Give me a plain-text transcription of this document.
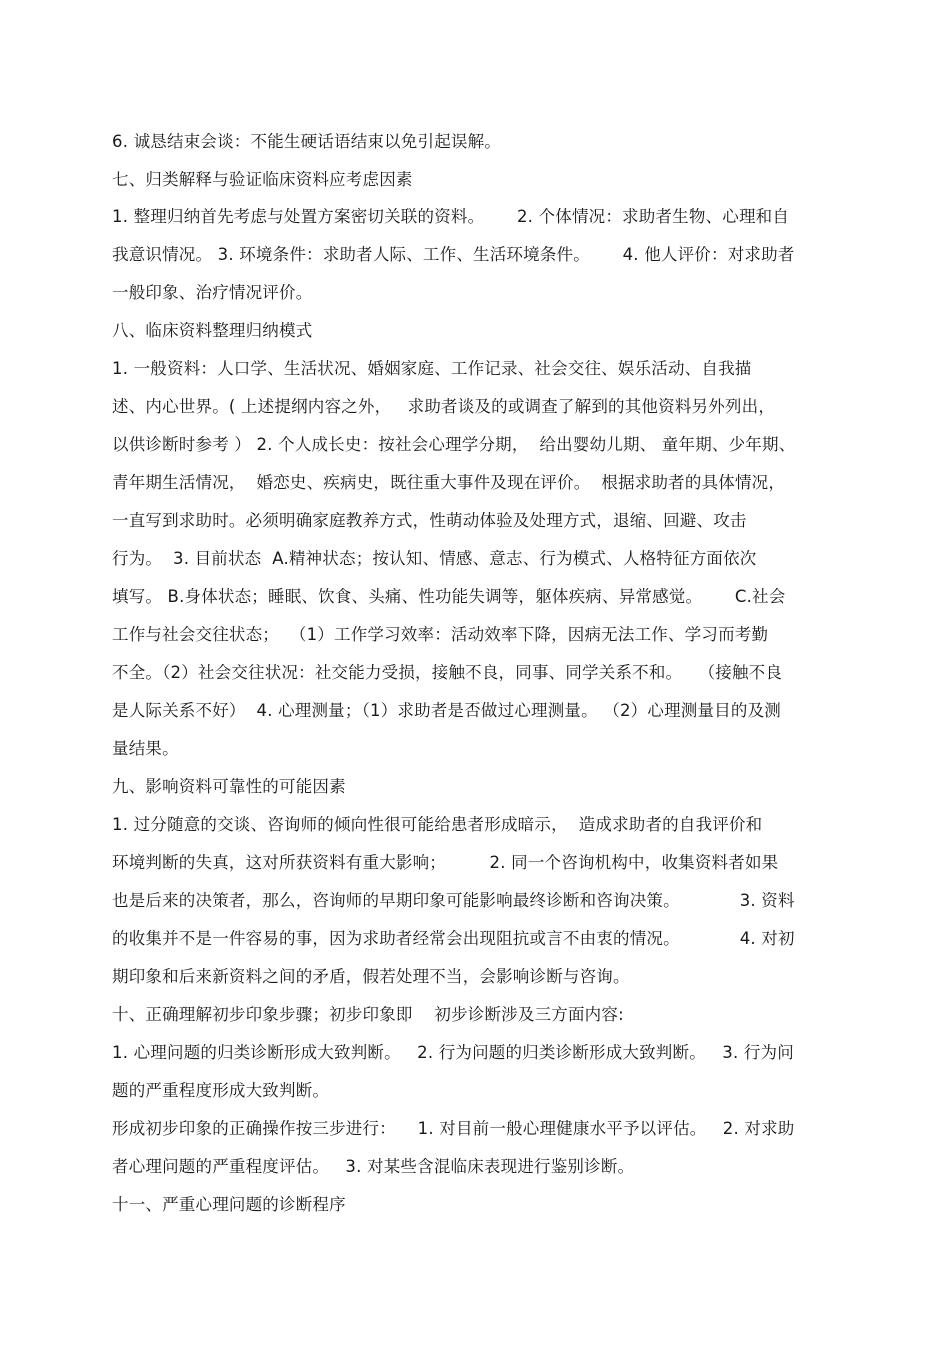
6. 诚恳结束会谈：不能生硬话语结束以免引起误解。
七、归类解释与验证临床资料应考虑因素
1. 整理归纳首先考虑与处置方案密切关联的资料。      2. 个体情况：求助者生物、心理和自
我意识情况。 3. 环境条件：求助者人际、工作、生活环境条件。      4. 他人评价：对求助者
一般印象、治疗情况评价。
八、临床资料整理归纳模式
1. 一般资料：人口学、生活状况、婚姻家庭、工作记录、社会交往、娱乐活动、自我描
述、内心世界。( 上述提纲内容之外，   求助者谈及的或调查了解到的其他资料另外列出，
以供诊断时参考 ） 2. 个人成长史：按社会心理学分期，  给出婴幼儿期、 童年期、少年期、
青年期生活情况，  婚恋史、疾病史，既往重大事件及现在评价。  根据求助者的具体情况，
一直写到求助时。必须明确家庭教养方式，性萌动体验及处理方式，退缩、回避、攻击
行为。  3. 目前状态  A.精神状态；按认知、情感、意志、行为模式、人格特征方面依次
填写。 B.身体状态；睡眠、饮食、头痛、性功能失调等，躯体疾病、异常感觉。      C.社会
工作与社会交往状态；  （1）工作学习效率：活动效率下降，因病无法工作、学习而考勤
不全。（2）社会交往状况：社交能力受损，接触不良，同事、同学关系不和。   （接触不良
是人际关系不好）  4. 心理测量；（1）求助者是否做过心理测量。 （2）心理测量目的及测
量结果。
九、影响资料可靠性的可能因素
1. 过分随意的交谈、咨询师的倾向性很可能给患者形成暗示，  造成求助者的自我评价和
环境判断的失真，这对所获资料有重大影响；        2. 同一个咨询机构中，收集资料者如果
也是后来的决策者，那么，咨询师的早期印象可能影响最终诊断和咨询决策。           3. 资料
的收集并不是一件容易的事，因为求助者经常会出现阻抗或言不由衷的情况。           4. 对初
期印象和后来新资料之间的矛盾，假若处理不当，会影响诊断与咨询。
十、正确理解初步印象步骤；初步印象即    初步诊断涉及三方面内容:
1. 心理问题的归类诊断形成大致判断。   2. 行为问题的归类诊断形成大致判断。   3. 行为问
题的严重程度形成大致判断。
形成初步印象的正确操作按三步进行：    1. 对目前一般心理健康水平予以评估。   2. 对求助
者心理问题的严重程度评估。   3. 对某些含混临床表现进行鉴别诊断。
十一、严重心理问题的诊断程序
